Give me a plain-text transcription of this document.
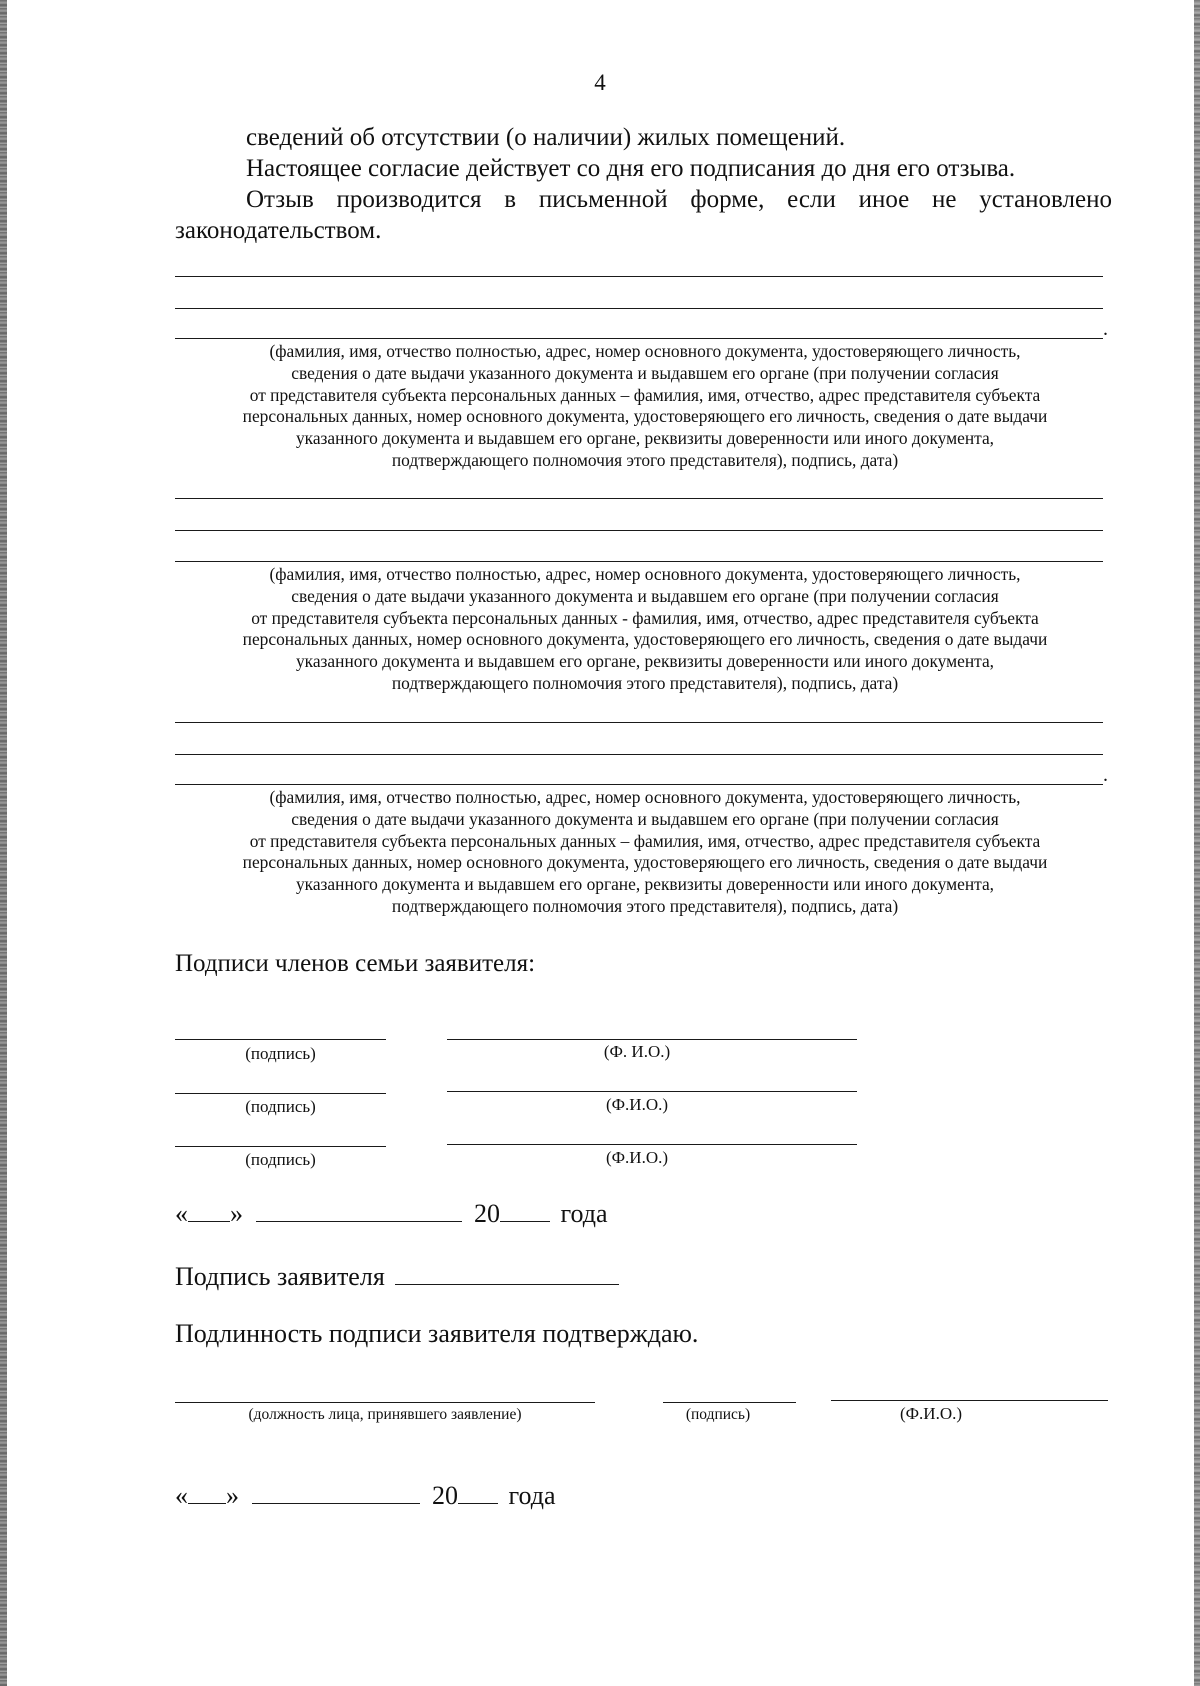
4
сведений об отсутствии (о наличии) жилых помещений.
Настоящее согласие действует со дня его подписания до дня его отзыва.
Отзыв производится в письменной форме, если иное не установлено
законодательством.
.
(фамилия, имя, отчество полностью, адрес, номер основного документа, удостоверяющего личность,
сведения о дате выдачи указанного документа и выдавшем его органе (при получении согласия
от представителя субъекта персональных данных – фамилия, имя, отчество, адрес представителя субъекта
персональных данных, номер основного документа, удостоверяющего его личность, сведения о дате выдачи
указанного документа и выдавшем его органе, реквизиты доверенности или иного документа,
подтверждающего полномочия этого представителя), подпись, дата)
(фамилия, имя, отчество полностью, адрес, номер основного документа, удостоверяющего личность,
сведения о дате выдачи указанного документа и выдавшем его органе (при получении согласия
от представителя субъекта персональных данных - фамилия, имя, отчество, адрес представителя субъекта
персональных данных, номер основного документа, удостоверяющего его личность, сведения о дате выдачи
указанного документа и выдавшем его органе, реквизиты доверенности или иного документа,
подтверждающего полномочия этого представителя), подпись, дата)
.
(фамилия, имя, отчество полностью, адрес, номер основного документа, удостоверяющего личность,
сведения о дате выдачи указанного документа и выдавшем его органе (при получении согласия
от представителя субъекта персональных данных – фамилия, имя, отчество, адрес представителя субъекта
персональных данных, номер основного документа, удостоверяющего его личность, сведения о дате выдачи
указанного документа и выдавшем его органе, реквизиты доверенности или иного документа,
подтверждающего полномочия этого представителя), подпись, дата)
Подписи членов семьи заявителя:
(подпись)	(Ф. И.О.)
(подпись)	(Ф.И.О.)
(подпись)	(Ф.И.О.)
« »	20 года
Подпись заявителя
Подлинность подписи заявителя подтверждаю.
(должность лица, принявшего заявление)	(подпись)	(Ф.И.О.)
« »	20 года
